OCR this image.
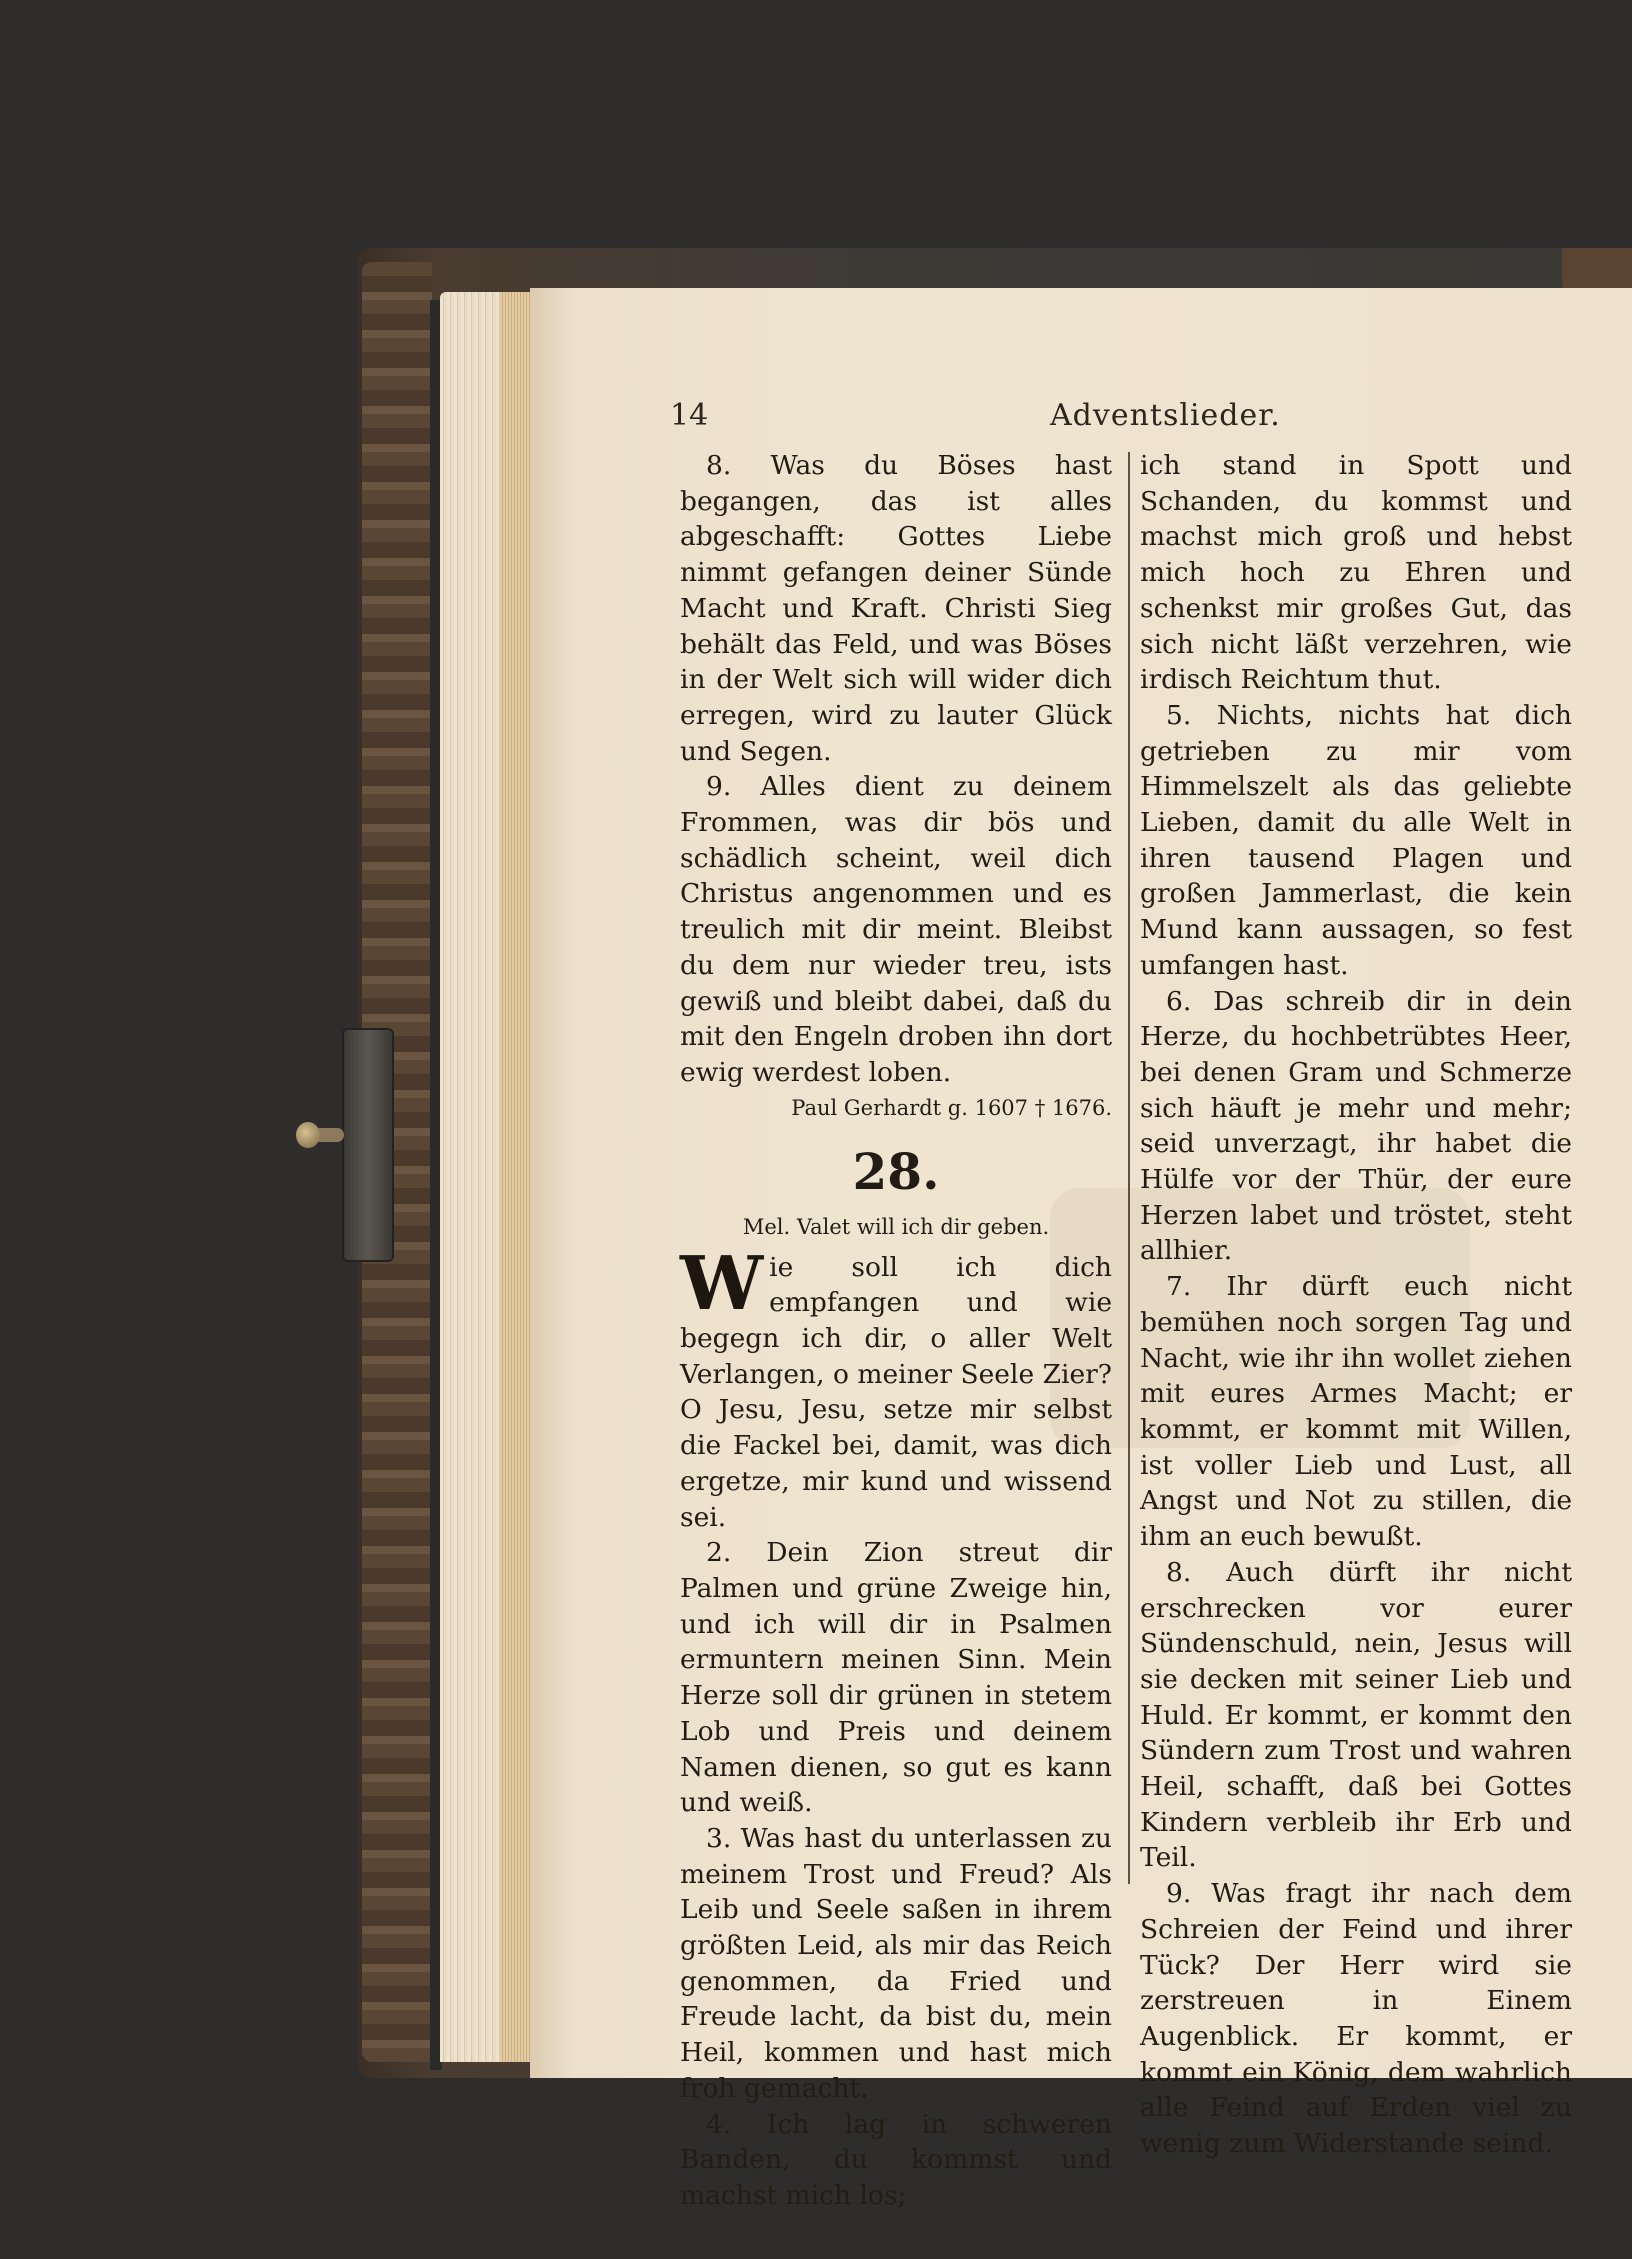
14	Adventslieder.

8. Was du Böses hast begangen, das ist alles abgeschafft: Gottes Liebe nimmt gefangen deiner Sünde Macht und Kraft. Christi Sieg behält das Feld, und was Böses in der Welt sich will wider dich erregen, wird zu lauter Glück und Segen.

9. Alles dient zu deinem Frommen, was dir bös und schädlich scheint, weil dich Christus angenommen und es treulich mit dir meint. Bleibst du dem nur wieder treu, ists gewiß und bleibt dabei, daß du mit den Engeln droben ihn dort ewig werdest loben.

Paul Gerhardt g. 1607 † 1676.

28.
Mel. Valet will ich dir geben.

Wie soll ich dich empfangen und wie begegn ich dir, o aller Welt Verlangen, o meiner Seele Zier? O Jesu, Jesu, setze mir selbst die Fackel bei, damit, was dich ergetze, mir kund und wissend sei.

2. Dein Zion streut dir Palmen und grüne Zweige hin, und ich will dir in Psalmen ermuntern meinen Sinn. Mein Herze soll dir grünen in stetem Lob und Preis und deinem Namen dienen, so gut es kann und weiß.

3. Was hast du unterlassen zu meinem Trost und Freud? Als Leib und Seele saßen in ihrem größten Leid, als mir das Reich genommen, da Fried und Freude lacht, da bist du, mein Heil, kommen und hast mich froh gemacht.

4. Ich lag in schweren Banden, du kommst und machst mich los;

ich stand in Spott und Schanden, du kommst und machst mich groß und hebst mich hoch zu Ehren und schenkst mir großes Gut, das sich nicht läßt verzehren, wie irdisch Reichtum thut.

5. Nichts, nichts hat dich getrieben zu mir vom Himmelszelt als das geliebte Lieben, damit du alle Welt in ihren tausend Plagen und großen Jammerlast, die kein Mund kann aussagen, so fest umfangen hast.

6. Das schreib dir in dein Herze, du hochbetrübtes Heer, bei denen Gram und Schmerze sich häuft je mehr und mehr; seid unverzagt, ihr habet die Hülfe vor der Thür, der eure Herzen labet und tröstet, steht allhier.

7. Ihr dürft euch nicht bemühen noch sorgen Tag und Nacht, wie ihr ihn wollet ziehen mit eures Armes Macht; er kommt, er kommt mit Willen, ist voller Lieb und Lust, all Angst und Not zu stillen, die ihm an euch bewußt.

8. Auch dürft ihr nicht erschrecken vor eurer Sündenschuld, nein, Jesus will sie decken mit seiner Lieb und Huld. Er kommt, er kommt den Sündern zum Trost und wahren Heil, schafft, daß bei Gottes Kindern verbleib ihr Erb und Teil.

9. Was fragt ihr nach dem Schreien der Feind und ihrer Tück? Der Herr wird sie zerstreuen in Einem Augenblick. Er kommt, er kommt ein König, dem wahrlich alle Feind auf Erden viel zu wenig zum Widerstande seind.
